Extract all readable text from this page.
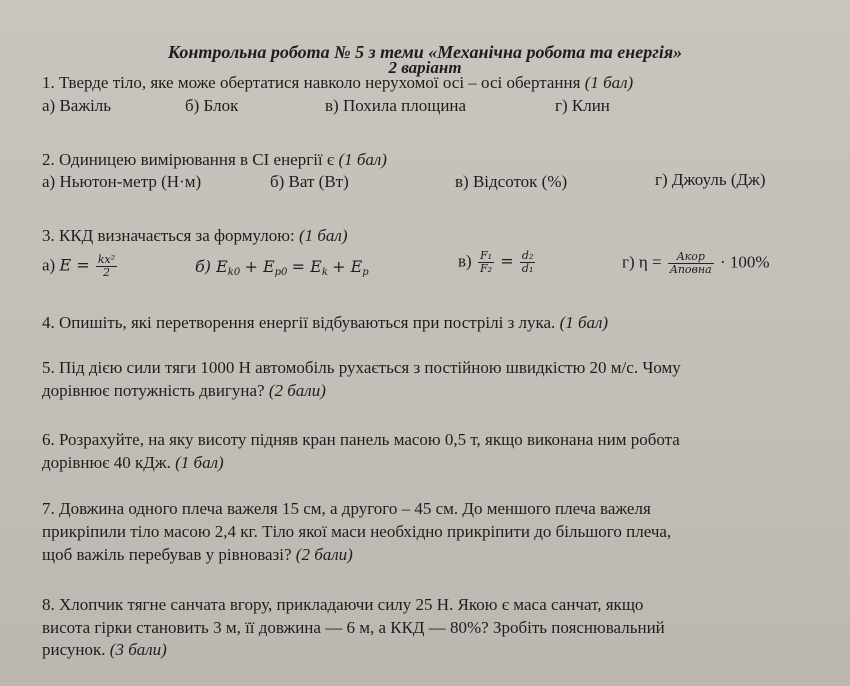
Контрольна робота № 5 з теми «Механічна робота та енергія»
2 варіант
1. Тверде тіло, яке може обертатися навколо нерухомої осі – осі обертання (1 бал)
а) Важіль	б) Блок	в) Похила площина	г) Клин
2. Одиницею вимірювання в СІ енергії є (1 бал)
а) Ньютон-метр (Н·м)	б) Ват (Вт)	в) Відсоток (%)	г) Джоуль (Дж)
3. ККД визначається за формулою: (1 бал)
а) $E = \frac{\text{kx²}}{2}$	б) $E_{k0} + E_{p0} = E_k + E_p$
$в) \frac{\text{F₁}}{\text{F₂}} = \frac{\text{d₂}}{\text{d₁}}$	г) $\eta = \frac{\text{Aкор}}{\text{Aповна}} \cdot 100\%$
4. Опишіть, які перетворення енергії відбуваються при пострілі з лука. (1 бал)
5. Під дією сили тяги 1000 Н автомобіль рухається з постійною швидкістю 20 м/с. Чому
дорівнює потужність двигуна? (2 бали)
6. Розрахуйте, на яку висоту підняв кран панель масою 0,5 т, якщо виконана ним робота
дорівнює 40 кДж. (1 бал)
7. Довжина одного плеча важеля 15 см, а другого – 45 см. До меншого плеча важеля
прикріпили тіло масою 2,4 кг. Тіло якої маси необхідно прикріпити до більшого плеча,
щоб важіль перебував у рівновазі? (2 бали)
8. Хлопчик тягне санчата вгору, прикладаючи силу 25 Н. Якою є маса санчат, якщо
висота гірки становить 3 м, її довжина — 6 м, а ККД — 80%? Зробіть пояснювальний
рисунок. (3 бали)
